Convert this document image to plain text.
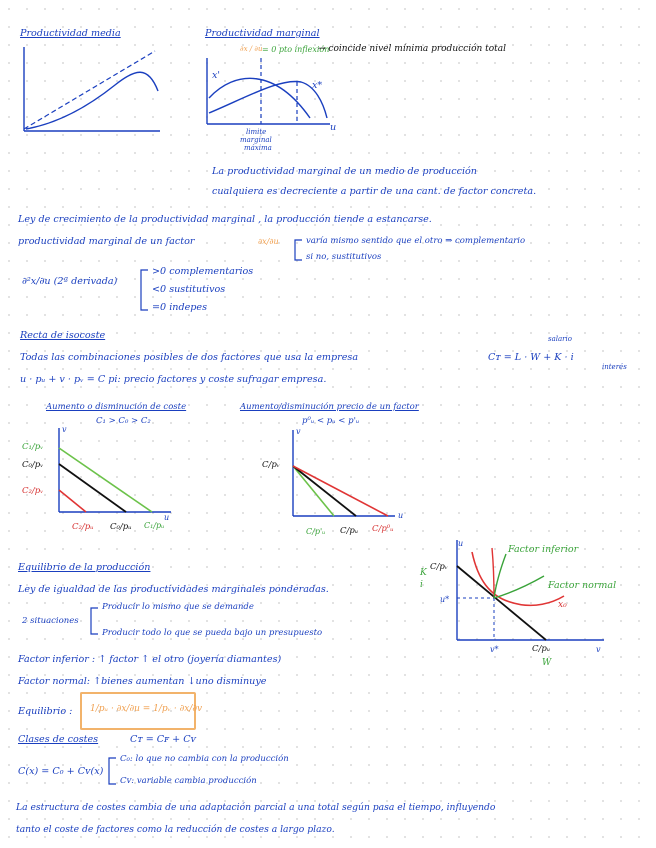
Productividad media	Productividad marginal
∂x / ∂u = 0 pto inflexión
→ coincide nivel mínima producción total
x'
x*
u
limite
marginal
máxima
La productividad marginal de un medio de producción
cualquiera es decreciente a partir de una cant. de factor concreta.
Ley de crecimiento de la productividad marginal , la producción tiende a estancarse.
productividad marginal de un factor	∂x/∂u	varía mismo sentido que el otro ⇒ complementario
si no, sustitutivos
∂²x/∂u (2ª derivada)
>0 complementarios
<0 sustitutivos
=0 indepes
Recta de isocoste
Todas las combinaciones posibles de dos factores que usa la empresa	Cᴛ = L · W + K · i
salario
interés
u · pᵤ + v · pᵥ = C pi: precio factores y coste sufragar empresa.
Aumento o disminución de coste
C₁ > C₀ > C₂
v
u
C₁/pᵥ
C₀/pᵥ
C₂/pᵥ
C₂/pᵤ C₀/pᵤ C₁/pᵤ
Aumento/disminución precio de un factor
p⁰ᵤ < pᵤ < p'ᵤ
v
u
C/pᵥ
C/p'ᵤ C/pᵤ C/p⁰ᵤ
Equilibrio de la producción
Ley de igualdad de las productividades marginales ponderadas.
2 situaciones
Producir lo mismo que se demande
Producir todo lo que se pueda bajo un presupuesto
Factor inferior : ↑ factor ↑ el otro (joyería diamantes)
Factor normal: ↑bienes aumentan ↓uno disminuye
Equilibrio : 1/pᵤ · ∂x/∂u = 1/pᵥ · ∂x/∂v
u
K
i
C/pᵥ
u*
v*	C/pᵤ
W
v
Factor inferior
Factor normal
x₀
Clases de costes	Cᴛ = Cꜰ + Cᴠ
C(x) = C₀ + Cᴠ(x)
C₀: lo que no cambia con la producción
Cᴠ: variable cambia producción
La estructura de costes cambia de una adaptación parcial a una total según pasa el tiempo, influyendo
tanto el coste de factores como la reducción de costes a largo plazo.
